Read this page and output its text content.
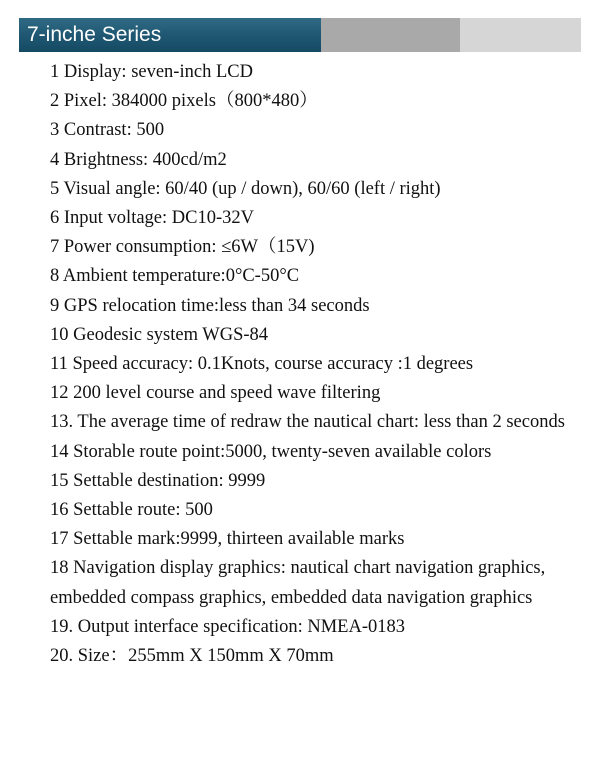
7-inche Series
1 Display: seven-inch LCD
2 Pixel: 384000 pixels（800*480）
3 Contrast: 500
4 Brightness: 400cd/m2
5 Visual angle: 60/40 (up / down), 60/60 (left / right)
6 Input voltage: DC10-32V
7 Power consumption: ≤6W（15V)
8 Ambient temperature:0°C-50°C
9 GPS relocation time:less than 34 seconds
10 Geodesic system WGS-84
11 Speed accuracy: 0.1Knots, course accuracy :1 degrees
12 200 level course and speed wave filtering
13. The average time of redraw the nautical chart: less than 2 seconds
14 Storable route point:5000, twenty-seven available colors
15 Settable destination: 9999
16 Settable route: 500
17 Settable mark:9999, thirteen available marks
18 Navigation display graphics: nautical chart navigation graphics, embedded compass graphics, embedded data navigation graphics
19. Output interface specification: NMEA-0183
20. Size：255mm X 150mm X 70mm
